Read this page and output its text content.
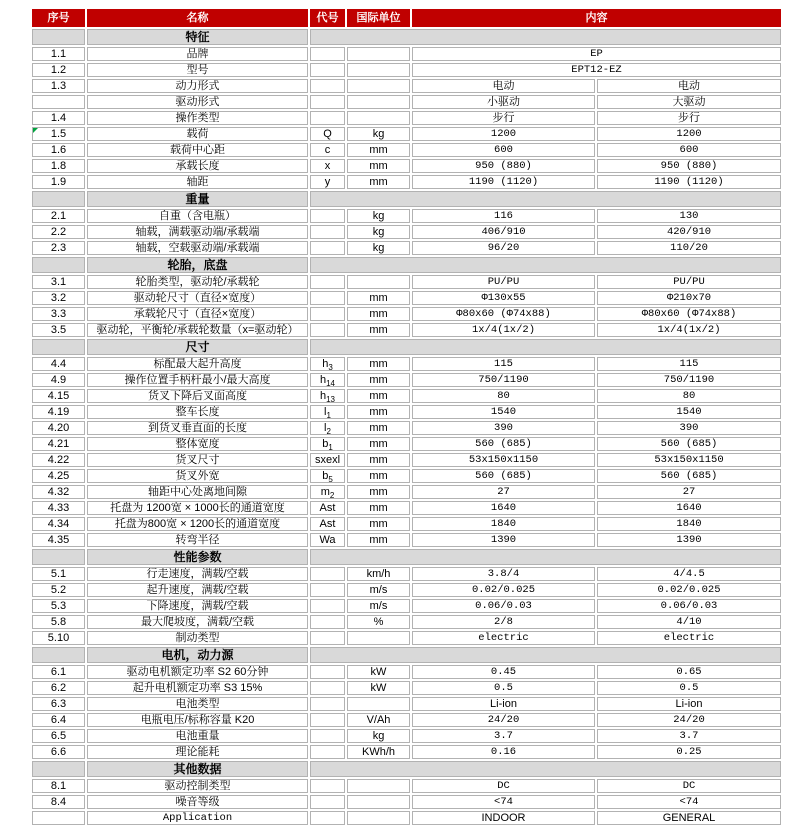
序号	名称	代号	国际单位	内容	
	特征				
1.1	品牌			EP	
1.2	型号			EPT12-EZ	
1.3	动力形式			电动	电动
	驱动形式			小驱动	大驱动
1.4	操作类型			步行	步行
1.5	载荷	Q	kg	1200	1200
1.6	载荷中心距	c	mm	600	600
1.8	承载长度	x	mm	950 (880)	950 (880)
1.9	轴距	y	mm	1190 (1120)	1190 (1120)
	重量				
2.1	自重（含电瓶）		kg	116	130
2.2	轴载，满载驱动端/承载端		kg	406/910	420/910
2.3	轴载，空载驱动端/承载端		kg	96/20	110/20
	轮胎，底盘				
3.1	轮胎类型，驱动轮/承载轮			PU/PU	PU/PU
3.2	驱动轮尺寸（直径×宽度）		mm	Φ130x55	Φ210x70
3.3	承载轮尺寸（直径×宽度）		mm	Φ80x60 (Φ74x88)	Φ80x60 (Φ74x88)
3.5	驱动轮，平衡轮/承载轮数量（x=驱动轮）		mm	1x/4(1x/2)	1x/4(1x/2)
	尺寸				
4.4	标配最大起升高度	$h_3$	mm	115	115
4.9	操作位置手柄杆最小/最大高度	$h_{14}$	mm	750/1190	750/1190
4.15	货叉下降后叉面高度	$h_{13}$	mm	80	80
4.19	整车长度	$l_1$	mm	1540	1540
4.20	到货叉垂直面的长度	$l_2$	mm	390	390
4.21	整体宽度	$b_1$	mm	560 (685)	560 (685)
4.22	货叉尺寸	sxexl	mm	53x150x1150	53x150x1150
4.25	货叉外宽	$b_5$	mm	560 (685)	560 (685)
4.32	轴距中心处离地间隙	$m_2$	mm	27	27
4.33	托盘为 1200宽 × 1000长的通道宽度	Ast	mm	1640	1640
4.34	托盘为800宽 × 1200长的通道宽度	Ast	mm	1840	1840
4.35	转弯半径	Wa	mm	1390	1390
	性能参数				
5.1	行走速度，满载/空载		km/h	3.8/4	4/4.5
5.2	起升速度，满载/空载		m/s	0.02/0.025	0.02/0.025
5.3	下降速度，满载/空载		m/s	0.06/0.03	0.06/0.03
5.8	最大爬坡度，满载/空载		%	2/8	4/10
5.10	制动类型			electric	electric
	电机，动力源				
6.1	驱动电机额定功率 S2 60分钟		kW	0.45	0.65
6.2	起升电机额定功率 S3 15%		kW	0.5	0.5
6.3	电池类型			Li-ion	Li-ion
6.4	电瓶电压/标称容量 K20		V/Ah	24/20	24/20
6.5	电池重量		kg	3.7	3.7
6.6	理论能耗		KWh/h	0.16	0.25
	其他数据				
8.1	驱动控制类型			DC	DC
8.4	噪音等级			<74	<74
	Application			INDOOR	GENERAL
